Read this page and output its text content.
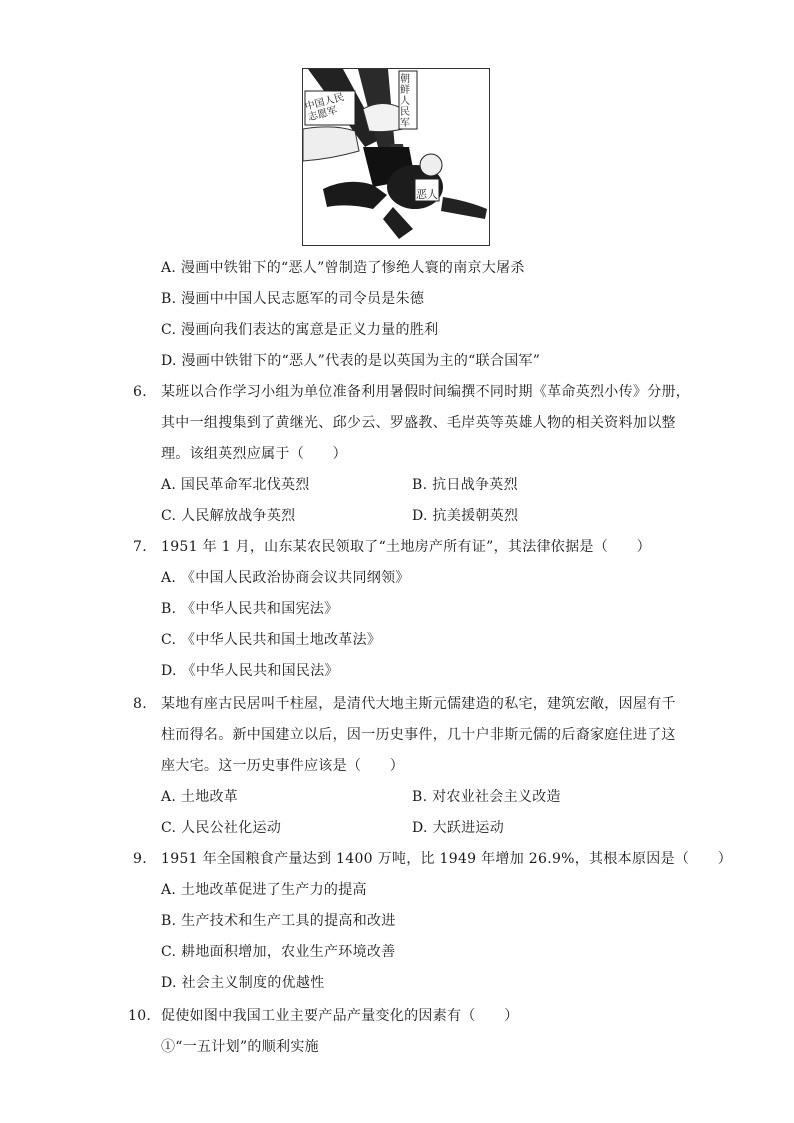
中国人民志愿军
朝鲜人民军
恶人
A. 漫画中铁钳下的“恶人”曾制造了惨绝人寰的南京大屠杀
B. 漫画中中国人民志愿军的司令员是朱德
C. 漫画向我们表达的寓意是正义力量的胜利
D. 漫画中铁钳下的“恶人”代表的是以英国为主的“联合国军”
6. 某班以合作学习小组为单位准备利用暑假时间编撰不同时期《革命英烈小传》分册，
其中一组搜集到了黄继光、邱少云、罗盛教、毛岸英等英雄人物的相关资料加以整
理。该组英烈应属于（　　）
A. 国民革命军北伐英烈	B. 抗日战争英烈
C. 人民解放战争英烈	D. 抗美援朝英烈
7. 1951 年 1 月，山东某农民领取了“土地房产所有证”，其法律依据是（　　）
A. 《中国人民政治协商会议共同纲领》
B. 《中华人民共和国宪法》
C. 《中华人民共和国土地改革法》
D. 《中华人民共和国民法》
8. 某地有座古民居叫千柱屋，是清代大地主斯元儒建造的私宅，建筑宏敞，因屋有千
柱而得名。新中国建立以后，因一历史事件，几十户非斯元儒的后裔家庭住进了这
座大宅。这一历史事件应该是（　　）
A. 土地改革	B. 对农业社会主义改造
C. 人民公社化运动	D. 大跃进运动
9. 1951 年全国粮食产量达到 1400 万吨，比 1949 年增加 26.9%，其根本原因是（　　）
A. 土地改革促进了生产力的提高
B. 生产技术和生产工具的提高和改进
C. 耕地面积增加，农业生产环境改善
D. 社会主义制度的优越性
10. 促使如图中我国工业主要产品产量变化的因素有（　　）
①“一五计划”的顺利实施
